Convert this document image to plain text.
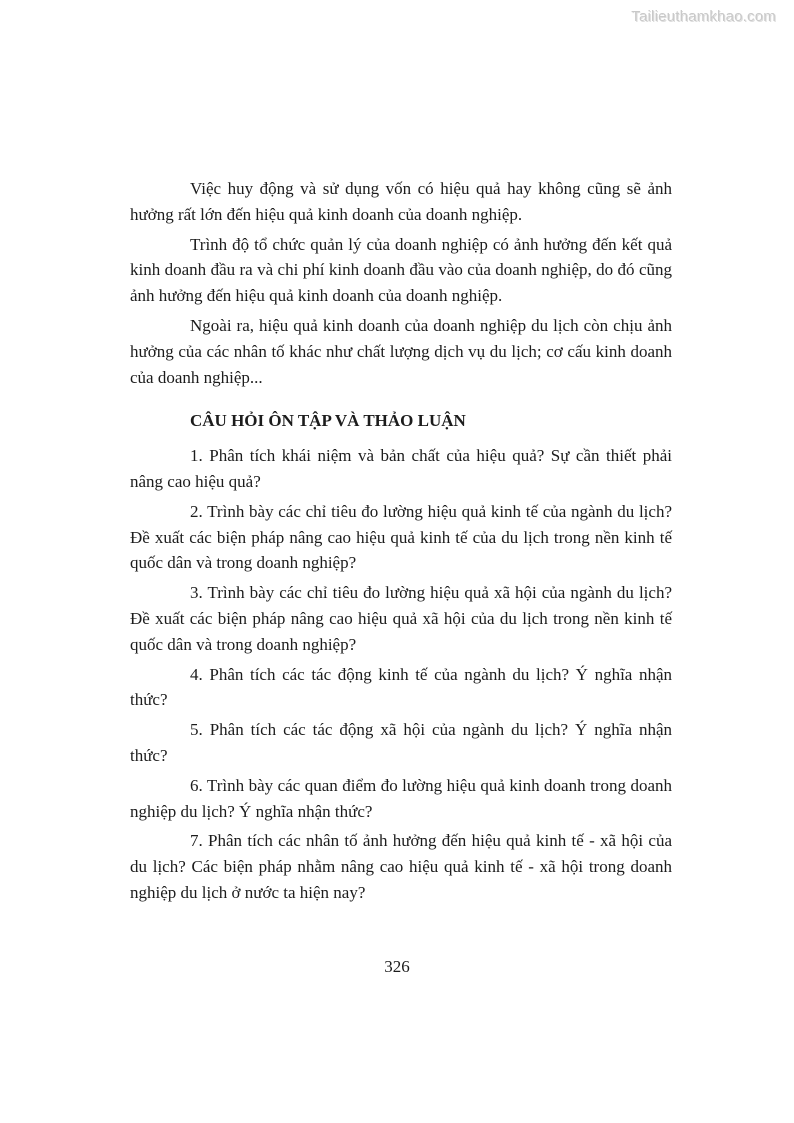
Tailieuthamkhao.com

Việc huy động và sử dụng vốn có hiệu quả hay không cũng sẽ ảnh hưởng rất lớn đến hiệu quả kinh doanh của doanh nghiệp.

Trình độ tổ chức quản lý của doanh nghiệp có ảnh hưởng đến kết quả kinh doanh đầu ra và chi phí kinh doanh đầu vào của doanh nghiệp, do đó cũng ảnh hưởng đến hiệu quả kinh doanh của doanh nghiệp.

Ngoài ra, hiệu quả kinh doanh của doanh nghiệp du lịch còn chịu ảnh hưởng của các nhân tố khác như chất lượng dịch vụ du lịch; cơ cấu kinh doanh của doanh nghiệp...

CÂU HỎI ÔN TẬP VÀ THẢO LUẬN

1. Phân tích khái niệm và bản chất của hiệu quả? Sự cần thiết phải nâng cao hiệu quả?

2. Trình bày các chỉ tiêu đo lường hiệu quả kinh tế của ngành du lịch? Đề xuất các biện pháp nâng cao hiệu quả kinh tế của du lịch trong nền kinh tế quốc dân và trong doanh nghiệp?

3. Trình bày các chỉ tiêu đo lường hiệu quả xã hội của ngành du lịch? Đề xuất các biện pháp nâng cao hiệu quả xã hội của du lịch trong nền kinh tế quốc dân và trong doanh nghiệp?

4. Phân tích các tác động kinh tế của ngành du lịch? Ý nghĩa nhận thức?

5. Phân tích các tác động xã hội của ngành du lịch? Ý nghĩa nhận thức?

6. Trình bày các quan điểm đo lường hiệu quả kinh doanh trong doanh nghiệp du lịch? Ý nghĩa nhận thức?

7. Phân tích các nhân tố ảnh hưởng đến hiệu quả kinh tế - xã hội của du lịch? Các biện pháp nhằm nâng cao hiệu quả kinh tế - xã hội trong doanh nghiệp du lịch ở nước ta hiện nay?

326
